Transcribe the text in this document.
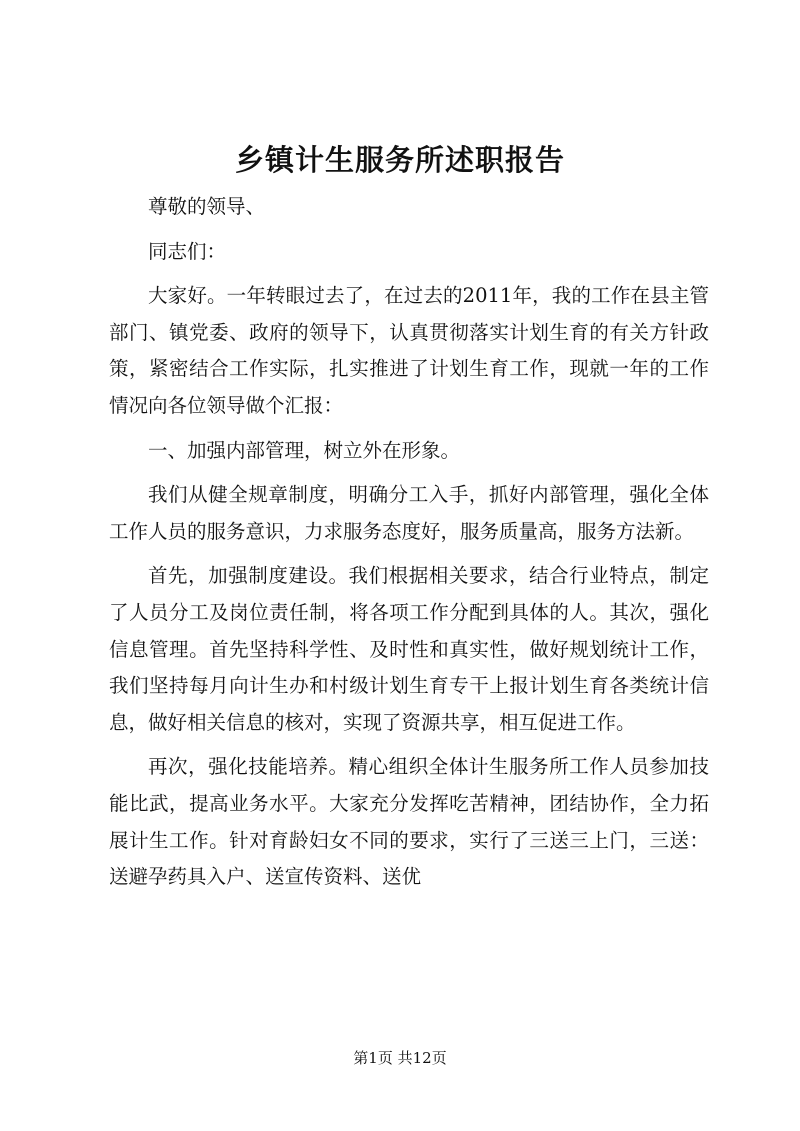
乡镇计生服务所述职报告

尊敬的领导、

同志们：

大家好。一年转眼过去了，在过去的2011年，我的工作在县主管部门、镇党委、政府的领导下，认真贯彻落实计划生育的有关方针政策，紧密结合工作实际，扎实推进了计划生育工作，现就一年的工作情况向各位领导做个汇报：

一、加强内部管理，树立外在形象。

我们从健全规章制度，明确分工入手，抓好内部管理，强化全体工作人员的服务意识，力求服务态度好，服务质量高，服务方法新。

首先，加强制度建设。我们根据相关要求，结合行业特点，制定了人员分工及岗位责任制，将各项工作分配到具体的人。其次，强化信息管理。首先坚持科学性、及时性和真实性，做好规划统计工作，我们坚持每月向计生办和村级计划生育专干上报计划生育各类统计信息，做好相关信息的核对，实现了资源共享，相互促进工作。

再次，强化技能培养。精心组织全体计生服务所工作人员参加技能比武，提高业务水平。大家充分发挥吃苦精神，团结协作，全力拓展计生工作。针对育龄妇女不同的要求，实行了三送三上门，三送：送避孕药具入户、送宣传资料、送优

第1页 共12页
